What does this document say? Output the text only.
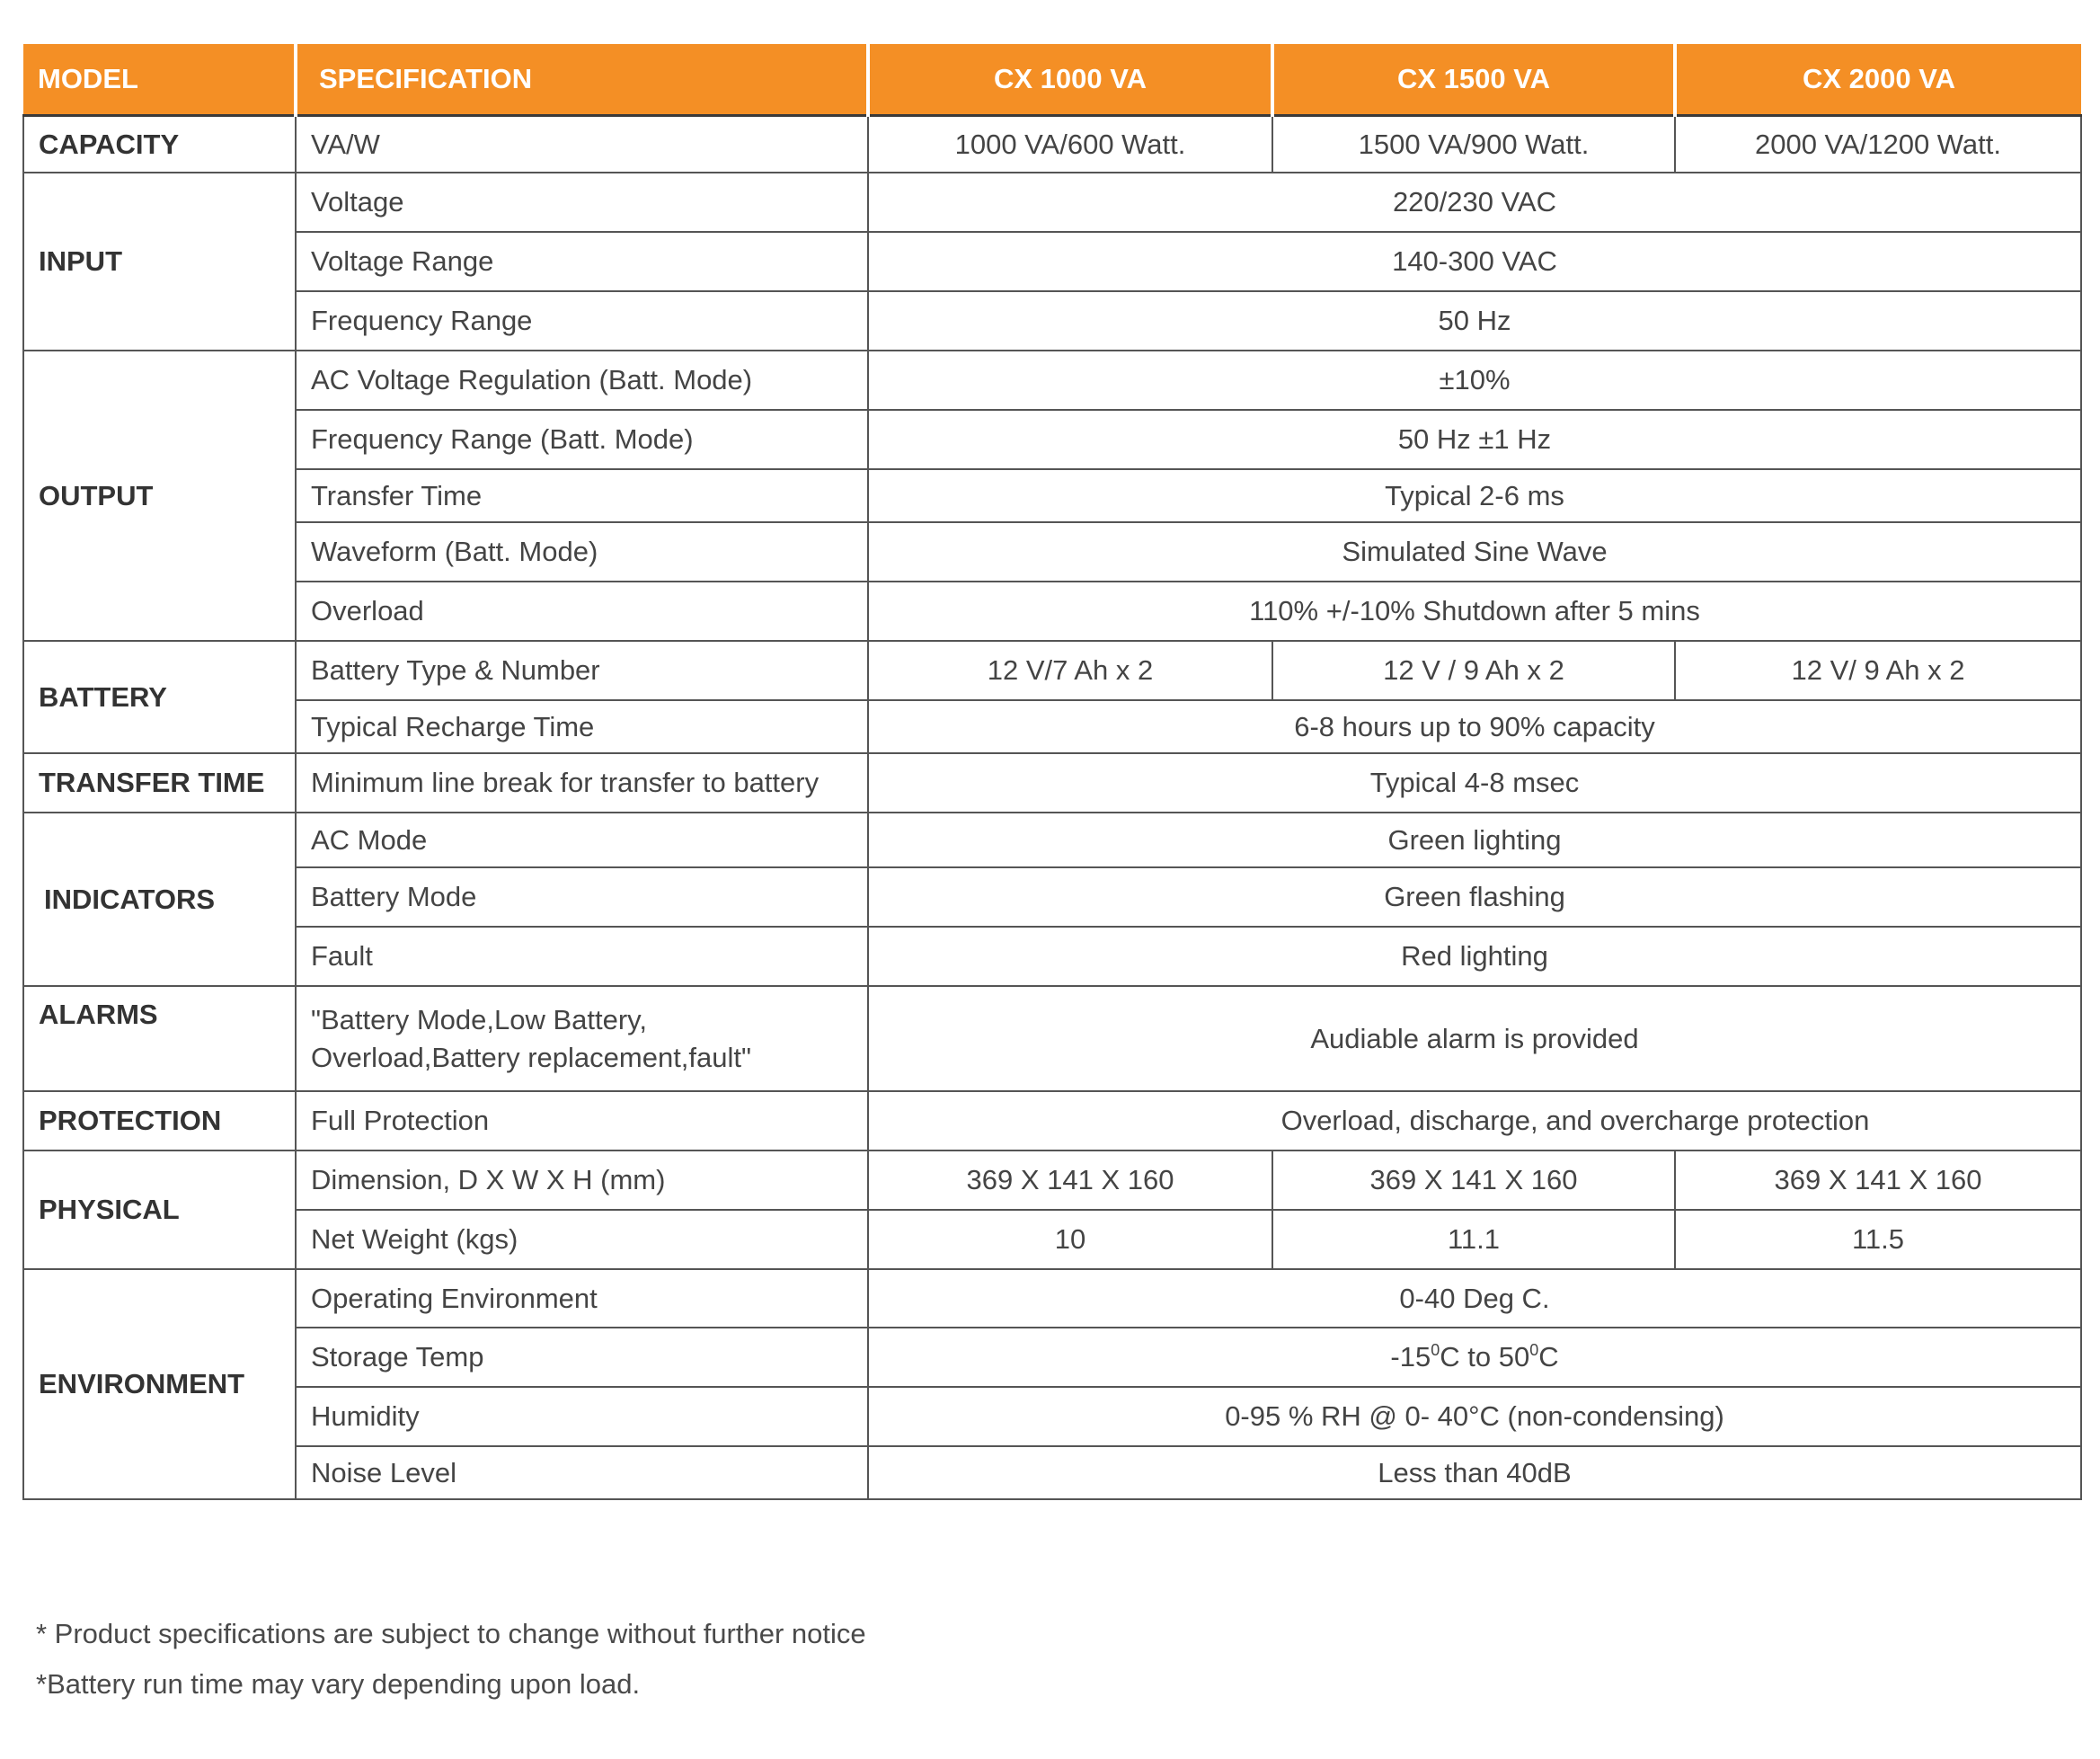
MODEL	SPECIFICATION	CX 1000 VA	CX 1500 VA	CX 2000 VA
CAPACITY	VA/W	1000 VA/600 Watt.	1500 VA/900 Watt.	2000 VA/1200 Watt.
INPUT	Voltage	220/230 VAC		
	Voltage Range	140-300 VAC		
	Frequency Range	50 Hz		
OUTPUT	AC Voltage Regulation (Batt. Mode)	±10%		
	Frequency Range (Batt. Mode)	50 Hz ±1 Hz		
	Transfer Time	Typical 2-6 ms		
	Waveform (Batt. Mode)	Simulated Sine Wave		
	Overload	110% +/-10% Shutdown after 5 mins		
BATTERY	Battery Type & Number	12 V/7 Ah x 2	12 V / 9 Ah x 2	12 V/ 9 Ah x 2
	Typical Recharge Time	6-8 hours up to 90% capacity		
TRANSFER TIME	Minimum line break for transfer to battery	Typical 4-8 msec		
INDICATORS	AC Mode	Green lighting		
	Battery Mode	Green flashing		
	Fault	Red lighting		
ALARMS	"Battery Mode,Low Battery,
Overload,Battery replacement,fault"	Audiable alarm is provided		
PROTECTION	Full Protection	Overload, discharge, and overcharge protection		
PHYSICAL	Dimension, D X W X H (mm)	369 X 141 X 160	369 X 141 X 160	369 X 141 X 160
	Net Weight (kgs)	10	11.1	11.5
ENVIRONMENT	Operating Environment	0-40 Deg C.		
	Storage Temp	$-15^0C$ to $50^0C$		
	Humidity	0-95 % RH @ 0- 40°C (non-condensing)		
	Noise Level	Less than 40dB		

* Product specifications are subject to change without further notice

*Battery run time may vary depending upon load.
